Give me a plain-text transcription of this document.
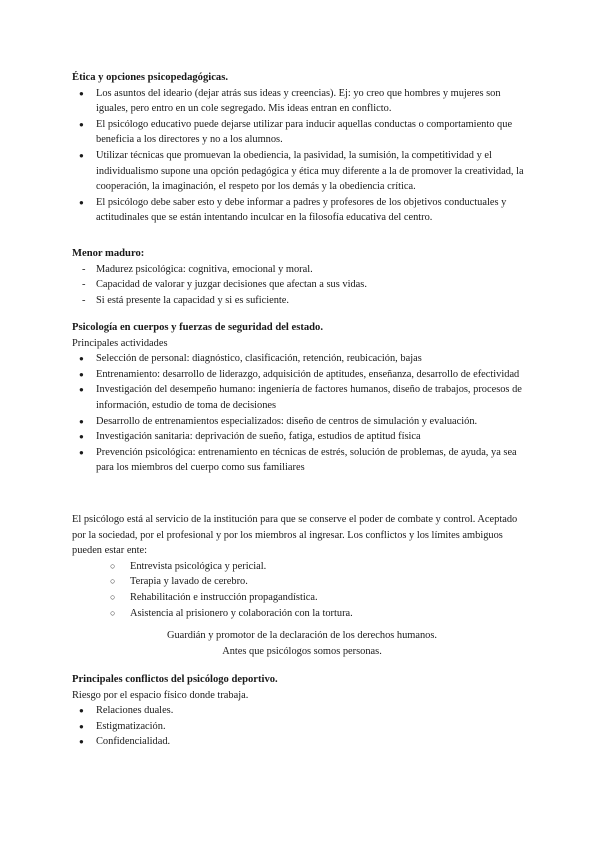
Ética y opciones psicopedagógicas.
● Los asuntos del ideario (dejar atrás sus ideas y creencias). Ej: yo creo que hombres y mujeres son iguales, pero entro en un cole segregado. Mis ideas entran en conflicto.
● El psicólogo educativo puede dejarse utilizar para inducir aquellas conductas o comportamiento que beneficia a los directores y no a los alumnos.
● Utilizar técnicas que promuevan la obediencia, la pasividad, la sumisión, la competitividad y el individualismo supone una opción pedagógica y ética muy diferente a la de promover la creatividad, la cooperación, la imaginación, el respeto por los demás y la obediencia crítica.
● El psicólogo debe saber esto y debe informar a padres y profesores de los objetivos conductuales y actitudinales que se están intentando inculcar en la filosofía educativa del centro.
Menor maduro:
- Madurez psicológica: cognitiva, emocional y moral.
- Capacidad de valorar y juzgar decisiones que afectan a sus vidas.
- Si está presente la capacidad y si es suficiente.
Psicología en cuerpos y fuerzas de seguridad del estado.

Principales actividades

● Selección de personal: diagnóstico, clasificación, retención, reubicación, bajas
● Entrenamiento: desarrollo de liderazgo, adquisición de aptitudes, enseñanza, desarrollo de efectividad
● Investigación del desempeño humano: ingeniería de factores humanos, diseño de trabajos, procesos de información, estudio de toma de decisiones
● Desarrollo de entrenamientos especializados: diseño de centros de simulación y evaluación.
● Investigación sanitaria: deprivación de sueño, fatiga, estudios de aptitud física
● Prevención psicológica: entrenamiento en técnicas de estrés, solución de problemas, de ayuda, ya sea para los miembros del cuerpo como sus familiares

El psicólogo está al servicio de la institución para que se conserve el poder de combate y control. Aceptado por la sociedad, por el profesional y por los miembros al ingresar. Los conflictos y los límites ambiguos pueden estar ente:

○ Entrevista psicológica y pericial.
○ Terapia y lavado de cerebro.
○ Rehabilitación e instrucción propagandística.
○ Asistencia al prisionero y colaboración con la tortura.

Guardián y promotor de la declaración de los derechos humanos.

Antes que psicólogos somos personas.

Principales conflictos del psicólogo deportivo.

Riesgo por el espacio físico donde trabaja.

● Relaciones duales.
● Estigmatización.
● Confidencialidad.
